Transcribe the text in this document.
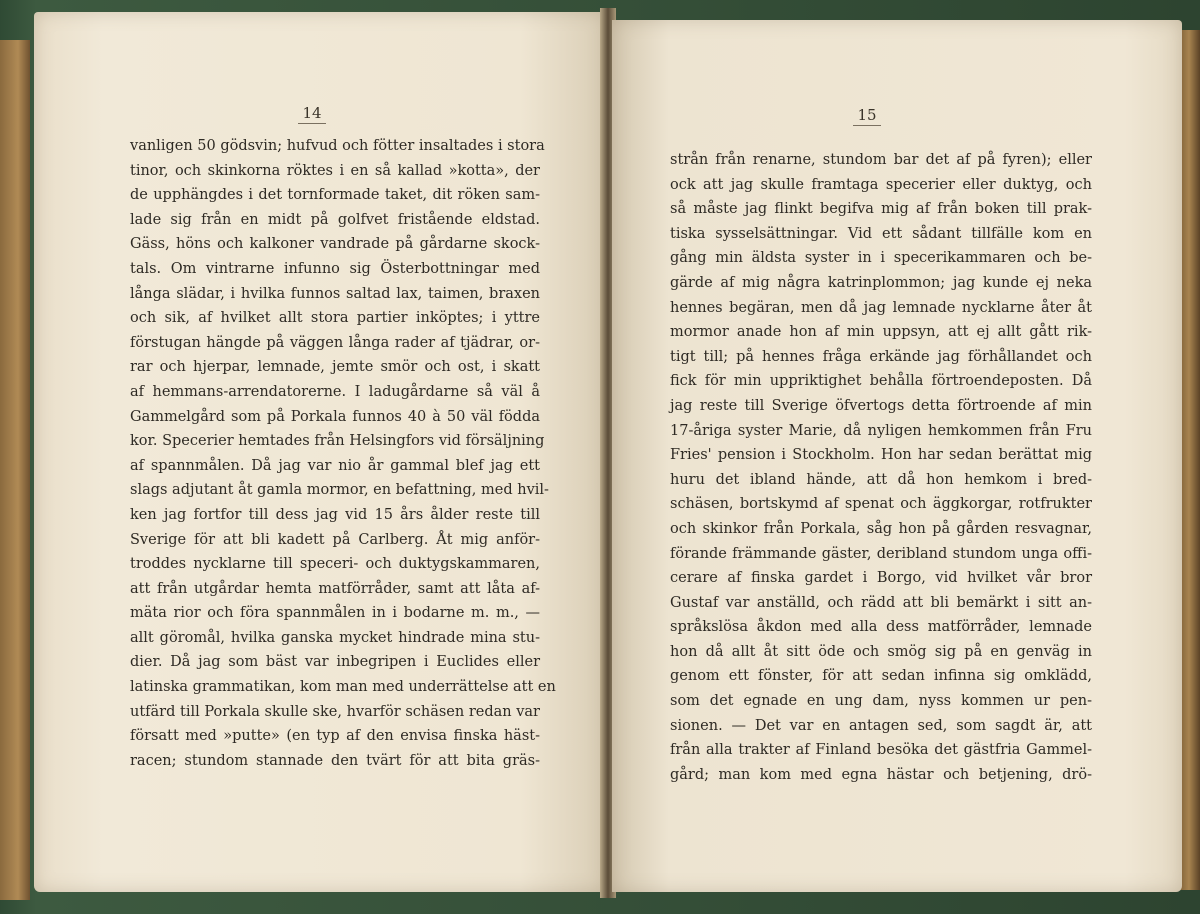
14
vanligen 50 gödsvin; hufvud och fötter insaltades i stora
tinor, och skinkorna röktes i en så kallad »kotta», der
de upphängdes i det tornformade taket, dit röken sam-
lade sig från en midt på golfvet fristående eldstad.
Gäss, höns och kalkoner vandrade på gårdarne skock-
tals. Om vintrarne infunno sig Österbottningar med
långa slädar, i hvilka funnos saltad lax, taimen, braxen
och sik, af hvilket allt stora partier inköptes; i yttre
förstugan hängde på väggen långa rader af tjädrar, or-
rar och hjerpar, lemnade, jemte smör och ost, i skatt
af hemmans-arrendatorerne. I ladugårdarne så väl å
Gammelgård som på Porkala funnos 40 à 50 väl födda
kor. Specerier hemtades från Helsingfors vid försäljning
af spannmålen. Då jag var nio år gammal blef jag ett
slags adjutant åt gamla mormor, en befattning, med hvil-
ken jag fortfor till dess jag vid 15 års ålder reste till
Sverige för att bli kadett på Carlberg. Åt mig anför-
troddes nycklarne till speceri- och duktygskammaren,
att från utgårdar hemta matförråder, samt att låta af-
mäta rior och föra spannmålen in i bodarne m. m., —
allt göromål, hvilka ganska mycket hindrade mina stu-
dier. Då jag som bäst var inbegripen i Euclides eller
latinska grammatikan, kom man med underrättelse att en
utfärd till Porkala skulle ske, hvarför schäsen redan var
försatt med »putte» (en typ af den envisa finska häst-
racen; stundom stannade den tvärt för att bita gräs-
15
strån från renarne, stundom bar det af på fyren); eller
ock att jag skulle framtaga specerier eller duktyg, och
så måste jag flinkt begifva mig af från boken till prak-
tiska sysselsättningar. Vid ett sådant tillfälle kom en
gång min äldsta syster in i specerikammaren och be-
gärde af mig några katrinplommon; jag kunde ej neka
hennes begäran, men då jag lemnade nycklarne åter åt
mormor anade hon af min uppsyn, att ej allt gått rik-
tigt till; på hennes fråga erkände jag förhållandet och
fick för min uppriktighet behålla förtroendeposten. Då
jag reste till Sverige öfvertogs detta förtroende af min
17-åriga syster Marie, då nyligen hemkommen från Fru
Fries' pension i Stockholm. Hon har sedan berättat mig
huru det ibland hände, att då hon hemkom i bred-
schäsen, bortskymd af spenat och äggkorgar, rotfrukter
och skinkor från Porkala, såg hon på gården resvagnar,
förande främmande gäster, deribland stundom unga offi-
cerare af finska gardet i Borgo, vid hvilket vår bror
Gustaf var anställd, och rädd att bli bemärkt i sitt an-
språkslösa åkdon med alla dess matförråder, lemnade
hon då allt åt sitt öde och smög sig på en genväg in
genom ett fönster, för att sedan infinna sig omklädd,
som det egnade en ung dam, nyss kommen ur pen-
sionen. — Det var en antagen sed, som sagdt är, att
från alla trakter af Finland besöka det gästfria Gammel-
gård; man kom med egna hästar och betjening, drö-
